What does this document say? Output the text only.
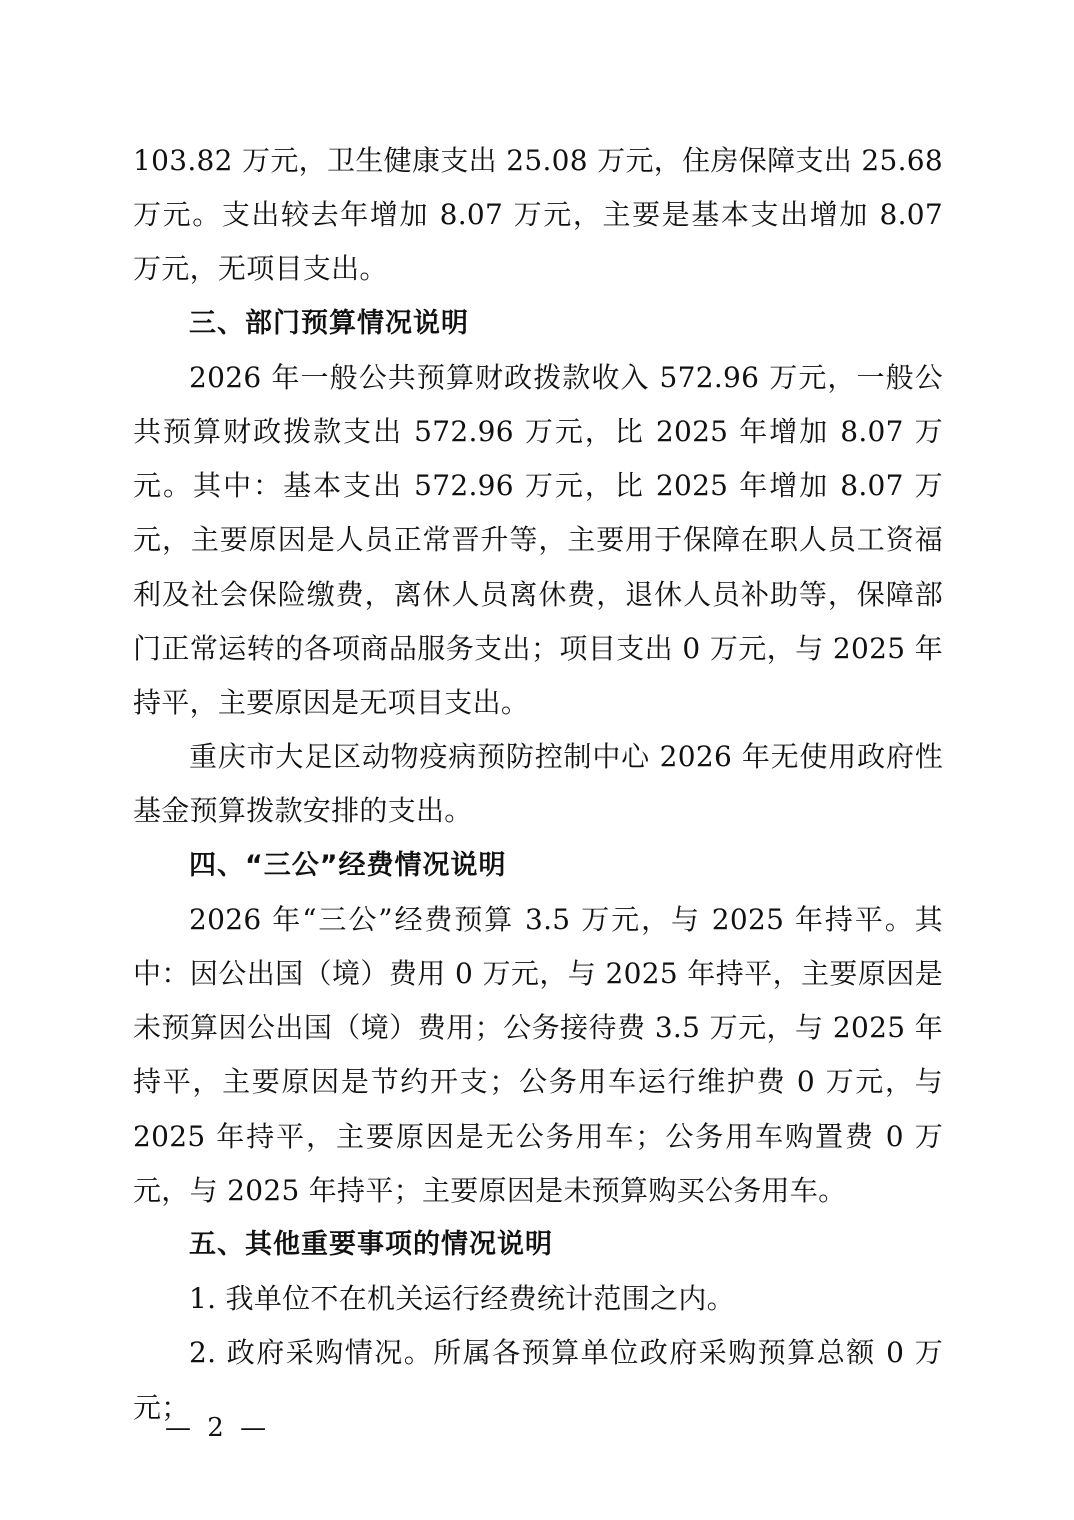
103.82 万元，卫生健康支出 25.08 万元，住房保障支出 25.68 万元。支出较去年增加 8.07 万元，主要是基本支出增加 8.07 万元，无项目支出。

三、部门预算情况说明

2026 年一般公共预算财政拨款收入 572.96 万元，一般公共预算财政拨款支出 572.96 万元，比 2025 年增加 8.07 万元。其中：基本支出 572.96 万元，比 2025 年增加 8.07 万元，主要原因是人员正常晋升等，主要用于保障在职人员工资福利及社会保险缴费，离休人员离休费，退休人员补助等，保障部门正常运转的各项商品服务支出；项目支出 0 万元，与 2025 年持平，主要原因是无项目支出。

重庆市大足区动物疫病预防控制中心 2026 年无使用政府性基金预算拨款安排的支出。

四、“三公”经费情况说明

2026 年“三公”经费预算 3.5 万元，与 2025 年持平。其中：因公出国（境）费用 0 万元，与 2025 年持平，主要原因是未预算因公出国（境）费用；公务接待费 3.5 万元，与 2025 年持平，主要原因是节约开支；公务用车运行维护费 0 万元，与 2025 年持平，主要原因是无公务用车；公务用车购置费 0 万元，与 2025 年持平；主要原因是未预算购买公务用车。

五、其他重要事项的情况说明

1. 我单位不在机关运行经费统计范围之内。

2. 政府采购情况。所属各预算单位政府采购预算总额 0 万元；

— 2 —
